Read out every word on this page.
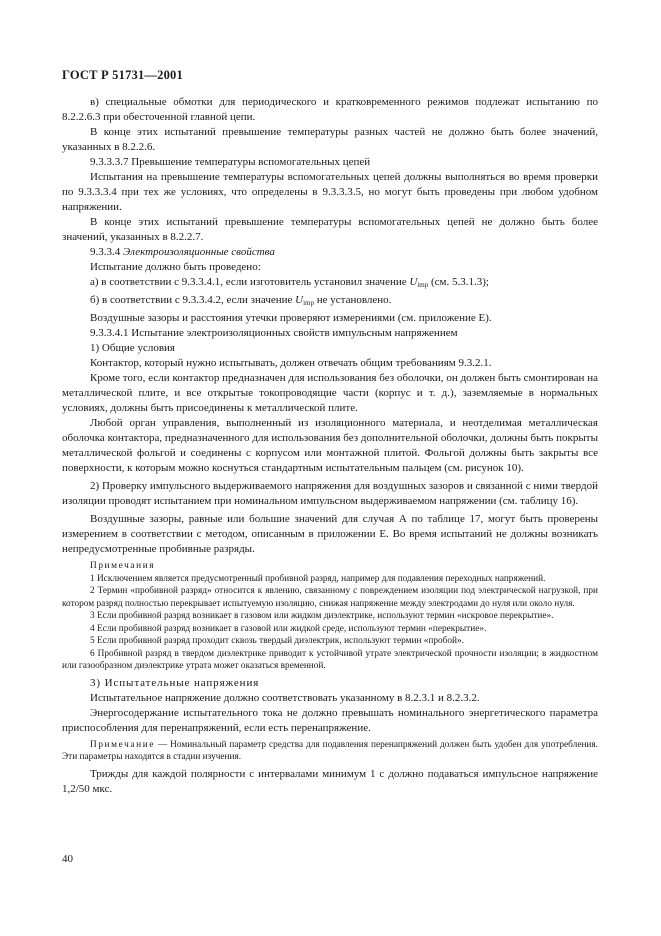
ГОСТ Р 51731—2001

в) специальные обмотки для периодического и кратковременного режимов подлежат испытанию по 8.2.2.6.3 при обесточенной главной цепи.

В конце этих испытаний превышение температуры разных частей не должно быть более значений, указанных в 8.2.2.6.

9.3.3.3.7 Превышение температуры вспомогательных цепей

Испытания на превышение температуры вспомогательных цепей должны выполняться во время проверки по 9.3.3.3.4 при тех же условиях, что определены в 9.3.3.3.5, но могут быть проведены при любом удобном напряжении.

В конце этих испытаний превышение температуры вспомогательных цепей не должно быть более значений, указанных в 8.2.2.7.

9.3.3.4 Электроизоляционные свойства

Испытание должно быть проведено:

а) в соответствии с 9.3.3.4.1, если изготовитель установил значение $U_{imp}$ (см. 5.3.1.3);

б) в соответствии с 9.3.3.4.2, если значение $U_{imp}$ не установлено.

Воздушные зазоры и расстояния утечки проверяют измерениями (см. приложение Е).

9.3.3.4.1 Испытание электроизоляционных свойств импульсным напряжением

1) Общие условия

Контактор, который нужно испытывать, должен отвечать общим требованиям 9.3.2.1.

Кроме того, если контактор предназначен для использования без оболочки, он должен быть смонтирован на металлической плите, и все открытые токопроводящие части (корпус и т. д.), заземляемые в нормальных условиях, должны быть присоединены к металлической плите.

Любой орган управления, выполненный из изоляционного материала, и неотделимая металлическая оболочка контактора, предназначенного для использования без дополнительной оболочки, должны быть покрыты металлической фольгой и соединены с корпусом или монтажной плитой. Фольгой должны быть закрыты все поверхности, к которым можно коснуться стандартным испытательным пальцем (см. рисунок 10).

2) Проверку импульсного выдерживаемого напряжения для воздушных зазоров и связанной с ними твердой изоляции проводят испытанием при номинальном импульсном выдерживаемом напряжении (см. таблицу 16).

Воздушные зазоры, равные или большие значений для случая А по таблице 17, могут быть проверены измерением в соответствии с методом, описанным в приложении Е. Во время испытаний не должны возникать непредусмотренные пробивные разряды.

Примечания

1 Исключением является предусмотренный пробивной разряд, например для подавления переходных напряжений.

2 Термин «пробивной разряд» относится к явлению, связанному с повреждением изоляции под электрической нагрузкой, при котором разряд полностью перекрывает испытуемую изоляцию, снижая напряжение между электродами до нуля или около нуля.

3 Если пробивной разряд возникает в газовом или жидком диэлектрике, используют термин «искровое перекрытие».

4 Если пробивной разряд возникает в газовой или жидкой среде, используют термин «перекрытие».

5 Если пробивной разряд проходит сквозь твердый диэлектрик, используют термин «пробой».

6 Пробивной разряд в твердом диэлектрике приводит к устойчивой утрате электрической прочности изоляции; в жидкостном или газообразном диэлектрике утрата может оказаться временной.

3) Испытательные напряжения

Испытательное напряжение должно соответствовать указанному в 8.2.3.1 и 8.2.3.2.

Энергосодержание испытательного тока не должно превышать номинального энергетического параметра приспособления для перенапряжений, если есть перенапряжение.

Примечание — Номинальный параметр средства для подавления перенапряжений должен быть удобен для употребления. Эти параметры находятся в стадии изучения.

Трижды для каждой полярности с интервалами минимум 1 с должно подаваться импульсное напряжение 1,2/50 мкс.

40
